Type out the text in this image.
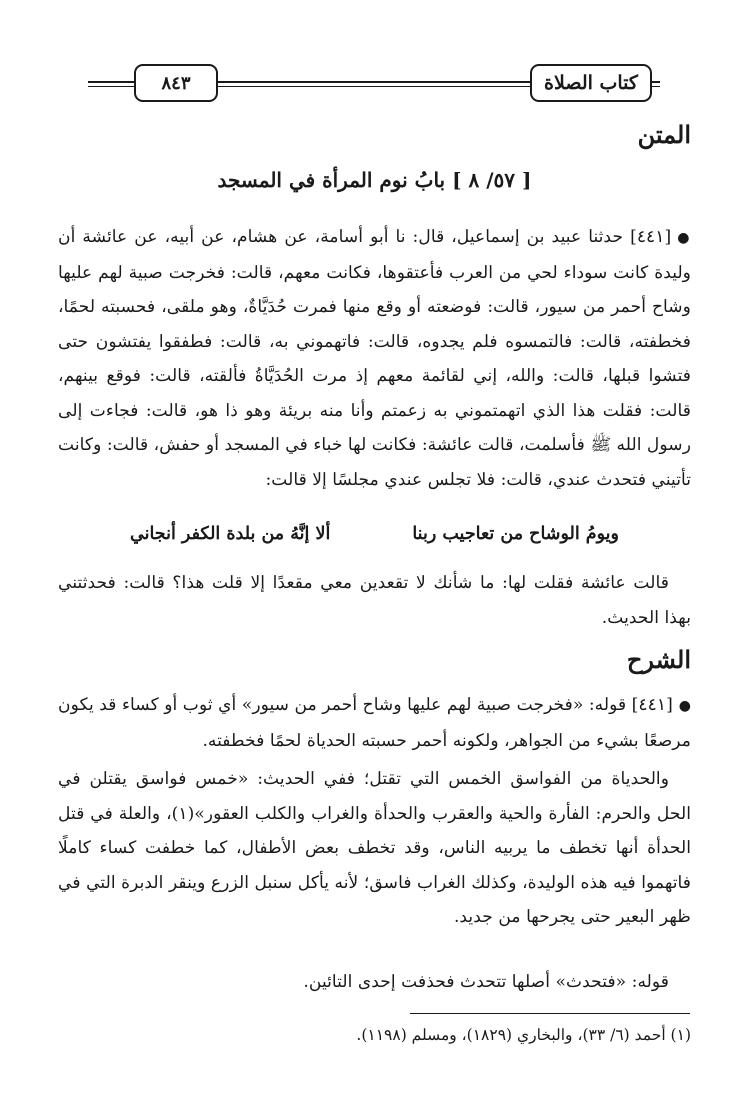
كتاب الصلاة
٨٤٣
المتن
[ ٥٧/ ٨ ] بابُ نوم المرأة في المسجد
●[٤٤١] حدثنا عبيد بن إسماعيل، قال: نا أبو أسامة، عن هشام، عن أبيه، عن عائشة أن وليدة كانت سوداء لحي من العرب فأعتقوها، فكانت معهم، قالت: فخرجت صبية لهم عليها وشاح أحمر من سيور، قالت: فوضعته أو وقع منها فمرت حُدَيَّاةٌ، وهو ملقى، فحسبته لحمًا، فخطفته، قالت: فالتمسوه فلم يجدوه، قالت: فاتهموني به، قالت: فطفقوا يفتشون حتى فتشوا قبلها، قالت: والله، إني لقائمة معهم إذ مرت الحُدَيَّاةُ فألقته، قالت: فوقع بينهم، قالت: فقلت هذا الذي اتهمتموني به زعمتم وأنا منه بريئة وهو ذا هو، قالت: فجاءت إلى رسول الله ﷺ فأسلمت، قالت عائشة: فكانت لها خباء في المسجد أو حفش، قالت: وكانت تأتيني فتحدث عندي، قالت: فلا تجلس عندي مجلسًا إلا قالت:
ويومُ الوشاح من تعاجيب ربنا
ألا إنَّهُ من بلدة الكفر أنجاني
قالت عائشة فقلت لها: ما شأنك لا تقعدين معي مقعدًا إلا قلت هذا؟ قالت: فحدثتني بهذا الحديث.
الشرح
●[٤٤١] قوله: «فخرجت صبية لهم عليها وشاح أحمر من سيور» أي ثوب أو كساء قد يكون مرصعًا بشيء من الجواهر، ولكونه أحمر حسبته الحدياة لحمًا فخطفته.
والحدياة من الفواسق الخمس التي تقتل؛ ففي الحديث: «خمس فواسق يقتلن في الحل والحرم: الفأرة والحية والعقرب والحدأة والغراب والكلب العقور»(١)، والعلة في قتل الحدأة أنها تخطف ما يربيه الناس، وقد تخطف بعض الأطفال، كما خطفت كساء كاملًا فاتهموا فيه هذه الوليدة، وكذلك الغراب فاسق؛ لأنه يأكل سنبل الزرع وينقر الدبرة التي في ظهر البعير حتى يجرحها من جديد.
قوله: «فتحدث» أصلها تتحدث فحذفت إحدى التائين.
(١) أحمد (٦/ ٣٣)، والبخاري (١٨٢٩)، ومسلم (١١٩٨).
